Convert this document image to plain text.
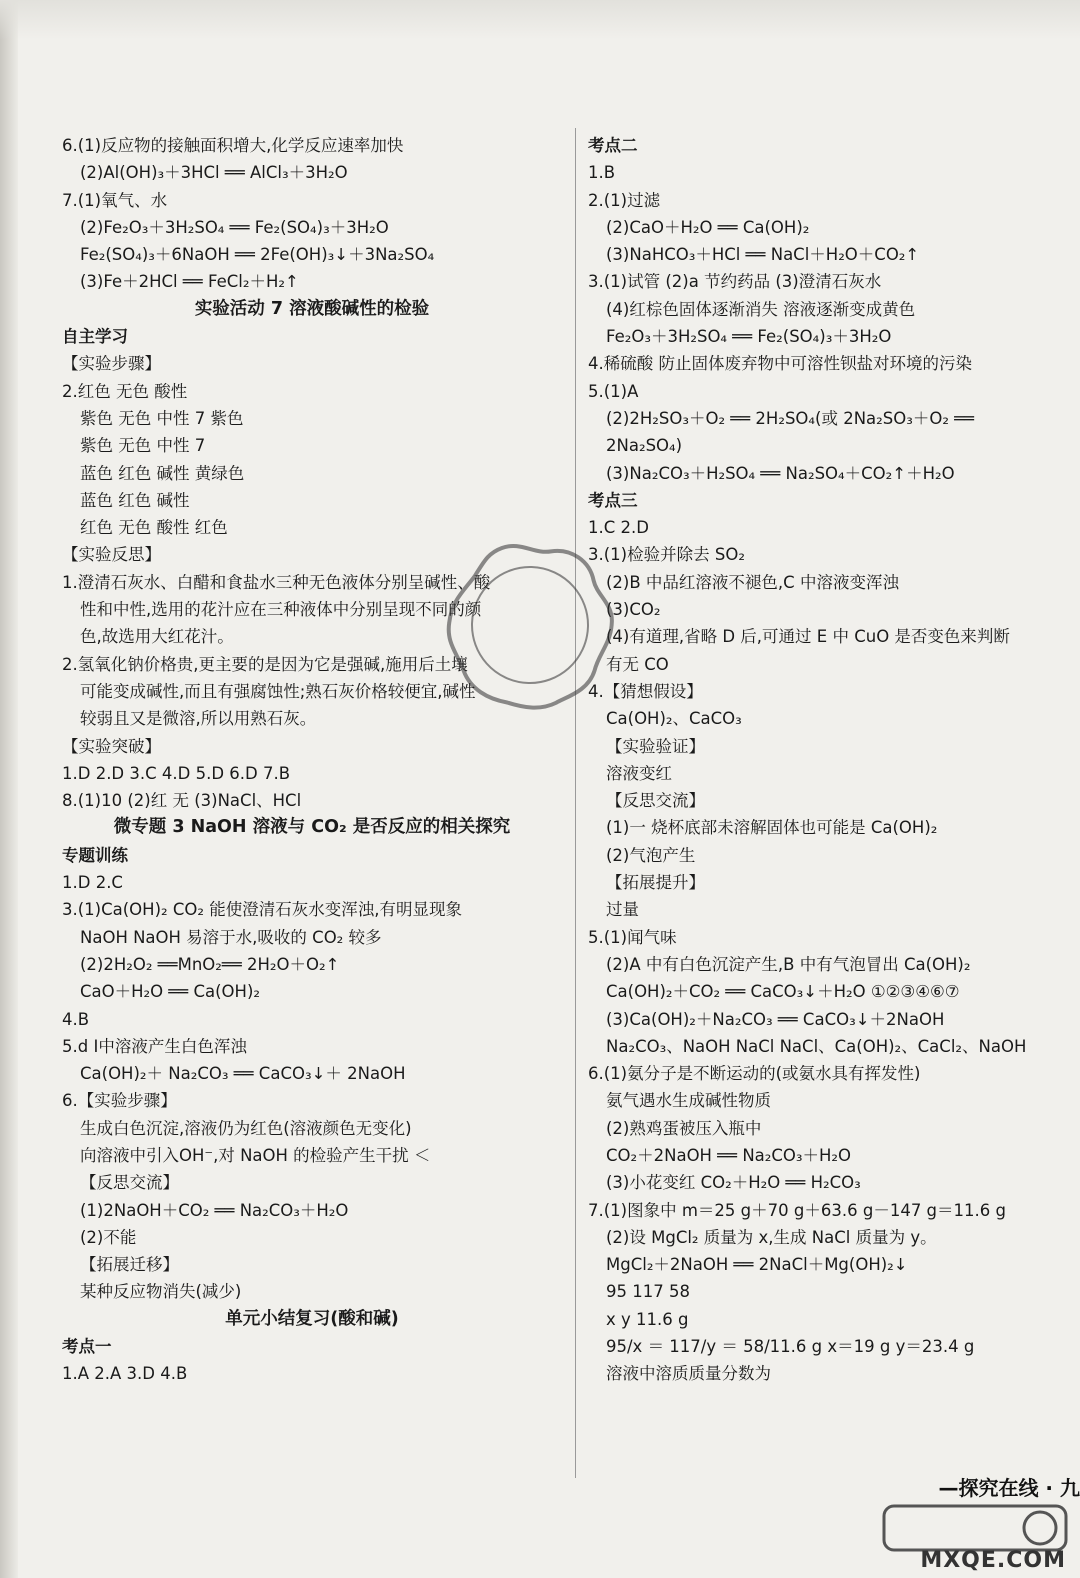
6.(1)反应物的接触面积增大,化学反应速率加快
(2)Al(OH)₃＋3HCl ══ AlCl₃＋3H₂O
7.(1)氧气、水
(2)Fe₂O₃＋3H₂SO₄ ══ Fe₂(SO₄)₃＋3H₂O
Fe₂(SO₄)₃＋6NaOH ══ 2Fe(OH)₃↓＋3Na₂SO₄
(3)Fe＋2HCl ══ FeCl₂＋H₂↑
实验活动 7 溶液酸碱性的检验
自主学习
【实验步骤】
2.红色 无色 酸性
紫色 无色 中性 7 紫色
紫色 无色 中性 7
蓝色 红色 碱性 黄绿色
蓝色 红色 碱性
红色 无色 酸性 红色
【实验反思】
1.澄清石灰水、白醋和食盐水三种无色液体分别呈碱性、酸
性和中性,选用的花汁应在三种液体中分别呈现不同的颜
色,故选用大红花汁。
2.氢氧化钠价格贵,更主要的是因为它是强碱,施用后土壤
可能变成碱性,而且有强腐蚀性;熟石灰价格较便宜,碱性
较弱且又是微溶,所以用熟石灰。
【实验突破】
1.D 2.D 3.C 4.D 5.D 6.D 7.B
8.(1)10 (2)红 无 (3)NaCl、HCl
微专题 3 NaOH 溶液与 CO₂ 是否反应的相关探究
专题训练
1.D 2.C
3.(1)Ca(OH)₂ CO₂ 能使澄清石灰水变浑浊,有明显现象
NaOH NaOH 易溶于水,吸收的 CO₂ 较多
(2)2H₂O₂ ══MnO₂══ 2H₂O＋O₂↑
CaO＋H₂O ══ Ca(OH)₂
4.B
5.d Ⅰ中溶液产生白色浑浊
Ca(OH)₂＋ Na₂CO₃ ══ CaCO₃↓＋ 2NaOH
6.【实验步骤】
生成白色沉淀,溶液仍为红色(溶液颜色无变化)
向溶液中引入OH⁻,对 NaOH 的检验产生干扰 ＜
【反思交流】
(1)2NaOH＋CO₂ ══ Na₂CO₃＋H₂O
(2)不能
【拓展迁移】
某种反应物消失(减少)
单元小结复习(酸和碱)
考点一
1.A 2.A 3.D 4.B
考点二
1.B
2.(1)过滤
(2)CaO＋H₂O ══ Ca(OH)₂
(3)NaHCO₃＋HCl ══ NaCl＋H₂O＋CO₂↑
3.(1)试管 (2)a 节约药品 (3)澄清石灰水
(4)红棕色固体逐渐消失 溶液逐渐变成黄色
Fe₂O₃＋3H₂SO₄ ══ Fe₂(SO₄)₃＋3H₂O
4.稀硫酸 防止固体废弃物中可溶性钡盐对环境的污染
5.(1)A
(2)2H₂SO₃＋O₂ ══ 2H₂SO₄(或 2Na₂SO₃＋O₂ ══
2Na₂SO₄)
(3)Na₂CO₃＋H₂SO₄ ══ Na₂SO₄＋CO₂↑＋H₂O
考点三
1.C 2.D
3.(1)检验并除去 SO₂
(2)B 中品红溶液不褪色,C 中溶液变浑浊
(3)CO₂
(4)有道理,省略 D 后,可通过 E 中 CuO 是否变色来判断
有无 CO
4.【猜想假设】
Ca(OH)₂、CaCO₃
【实验验证】
溶液变红
【反思交流】
(1)一 烧杯底部未溶解固体也可能是 Ca(OH)₂
(2)气泡产生
【拓展提升】
过量
5.(1)闻气味
(2)A 中有白色沉淀产生,B 中有气泡冒出 Ca(OH)₂
Ca(OH)₂＋CO₂ ══ CaCO₃↓＋H₂O ①②③④⑥⑦
(3)Ca(OH)₂＋Na₂CO₃ ══ CaCO₃↓＋2NaOH
Na₂CO₃、NaOH NaCl NaCl、Ca(OH)₂、CaCl₂、NaOH
6.(1)氨分子是不断运动的(或氨水具有挥发性)
氨气遇水生成碱性物质
(2)熟鸡蛋被压入瓶中
CO₂＋2NaOH ══ Na₂CO₃＋H₂O
(3)小花变红 CO₂＋H₂O ══ H₂CO₃
7.(1)图象中 m＝25 g＋70 g＋63.6 g－147 g＝11.6 g
(2)设 MgCl₂ 质量为 x,生成 NaCl 质量为 y。
MgCl₂＋2NaOH ══ 2NaCl＋Mg(OH)₂↓
95 117 58
x y 11.6 g
95/x ＝ 117/y ＝ 58/11.6 g x＝19 g y＝23.4 g
溶液中溶质质量分数为
—探究在线 · 九
MXQE.COM
